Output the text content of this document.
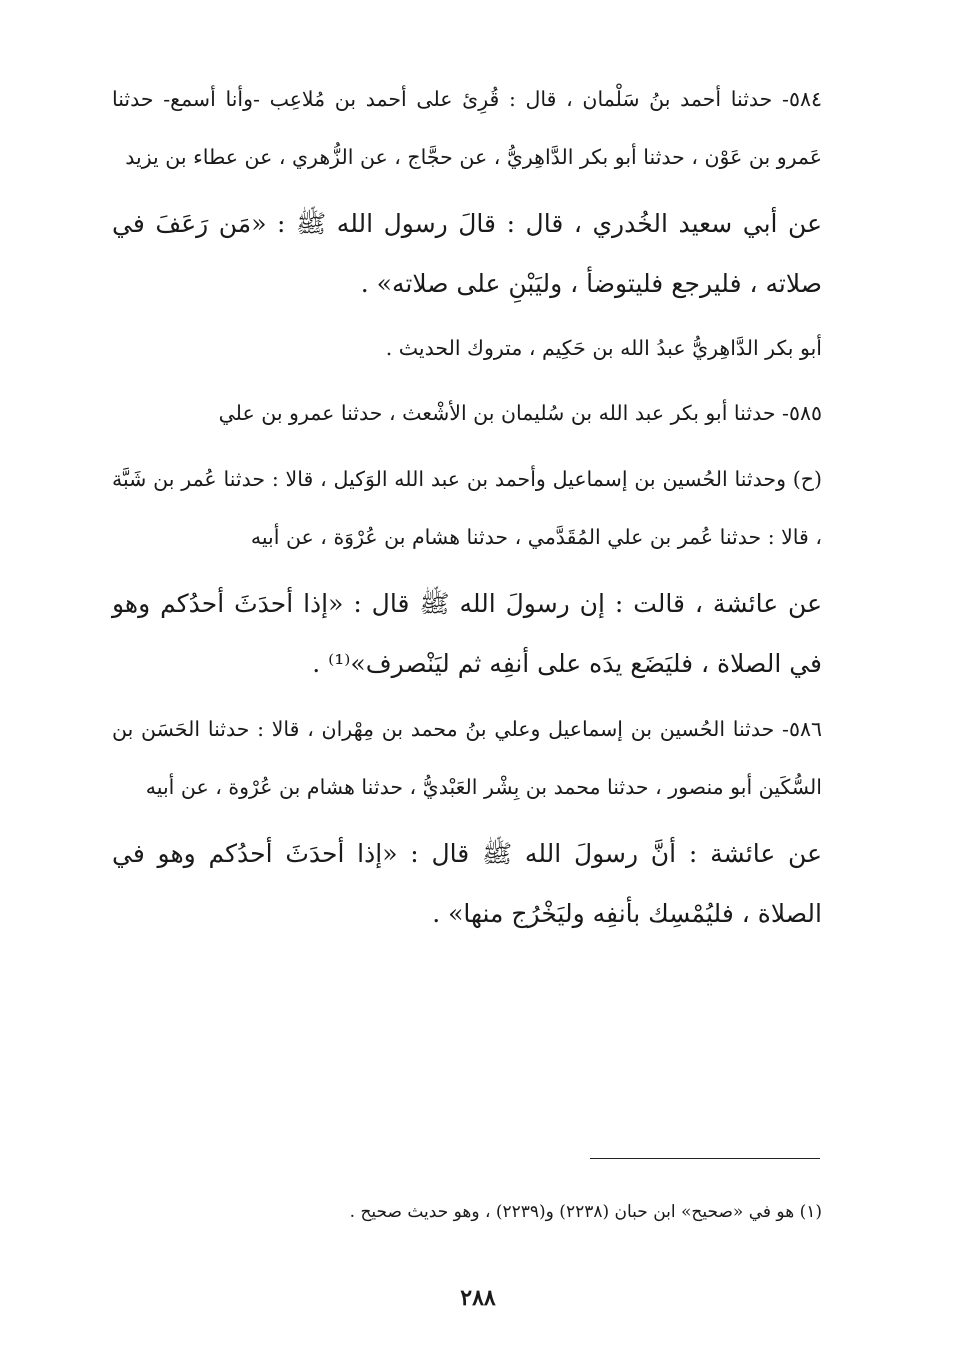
٥٨٤- حدثنا أحمد بنُ سَلْمان ، قال : قُرِئ على أحمد بن مُلاعِب -وأنا أسمع- حدثنا عَمرو بن عَوْن ، حدثنا أبو بكر الدَّاهِريُّ ، عن حجَّاج ، عن الزُّهري ، عن عطاء بن يزيد

عن أبي سعيد الخُدري ، قال : قالَ رسول الله ﷺ : «مَن رَعَفَ في صلاته ، فليرجع فليتوضأ ، وليَبْنِ على صلاته» .

أبو بكر الدَّاهِريُّ عبدُ الله بن حَكِيم ، متروك الحديث .

٥٨٥- حدثنا أبو بكر عبد الله بن سُليمان بن الأشْعث ، حدثنا عمرو بن علي

(ح) وحدثنا الحُسين بن إسماعيل وأحمد بن عبد الله الوَكيل ، قالا : حدثنا عُمر بن شَبَّة ، قالا : حدثنا عُمر بن علي المُقَدَّمي ، حدثنا هشام بن عُرْوَة ، عن أبيه

عن عائشة ، قالت : إن رسولَ الله ﷺ قال : «إذا أحدَثَ أحدُكم وهو في الصلاة ، فليَضَع يدَه على أنفِه ثم ليَنْصرف»⁽¹⁾ .

٥٨٦- حدثنا الحُسين بن إسماعيل وعلي بنُ محمد بن مِهْران ، قالا : حدثنا الحَسَن بن السُّكَين أبو منصور ، حدثنا محمد بن بِشْر العَبْديُّ ، حدثنا هشام بن عُرْوة ، عن أبيه

عن عائشة : أنَّ رسولَ الله ﷺ قال : «إذا أحدَثَ أحدُكم وهو في الصلاة ، فليُمْسِك بأنفِه وليَخْرُج منها» .

(١) هو في «صحيح» ابن حبان (٢٢٣٨) و(٢٢٣٩) ، وهو حديث صحيح .
٢٨٨
